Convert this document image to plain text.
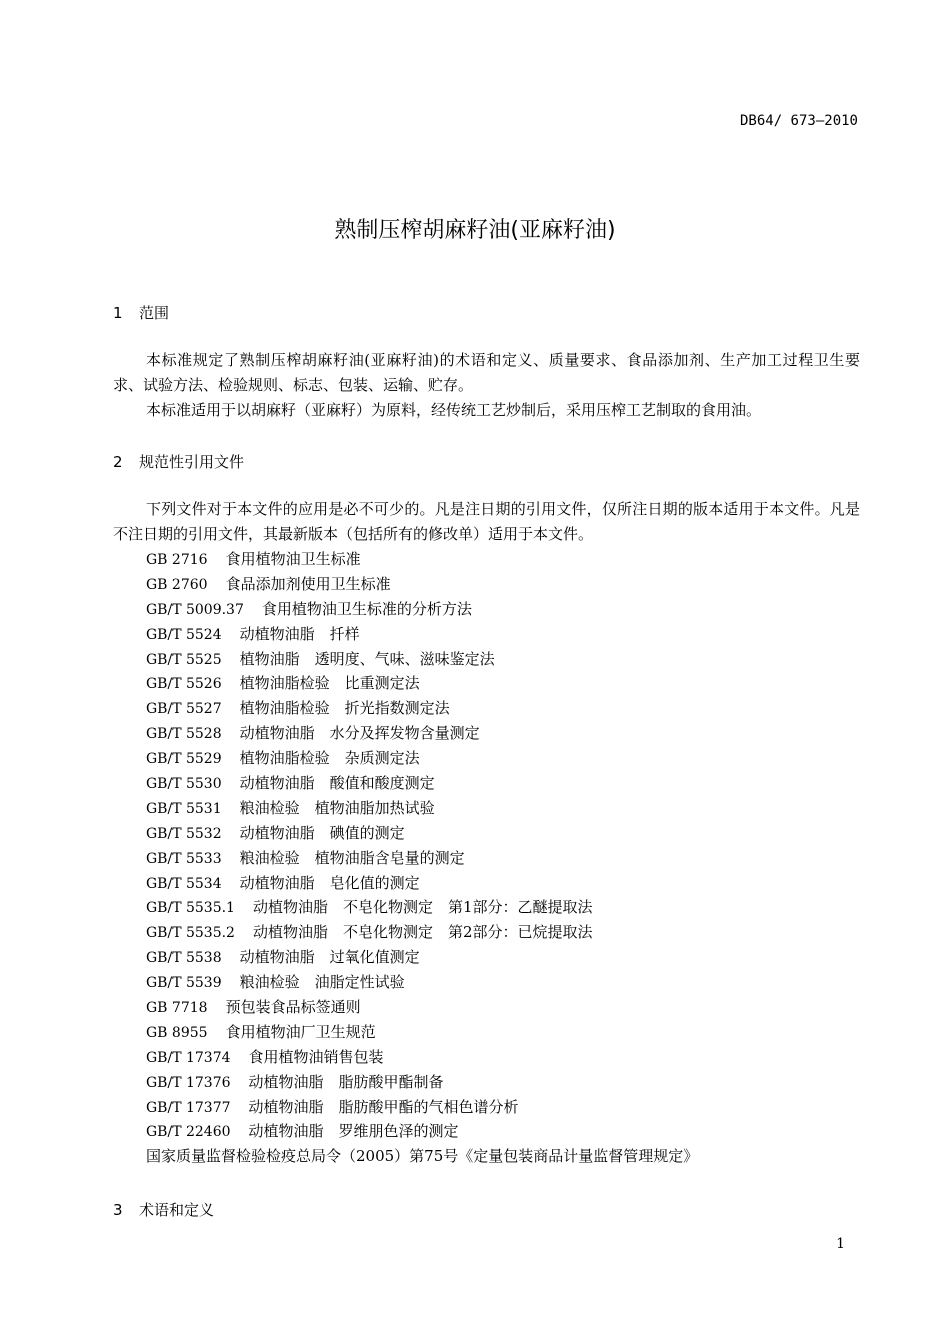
DB64/ 673—2010
熟制压榨胡麻籽油(亚麻籽油)
1 范围

本标准规定了熟制压榨胡麻籽油(亚麻籽油)的术语和定义、质量要求、食品添加剂、生产加工过程卫生要求、试验方法、检验规则、标志、包装、运输、贮存。

本标准适用于以胡麻籽（亚麻籽）为原料，经传统工艺炒制后，采用压榨工艺制取的食用油。

2 规范性引用文件

下列文件对于本文件的应用是必不可少的。凡是注日期的引用文件，仅所注日期的版本适用于本文件。凡是不注日期的引用文件，其最新版本（包括所有的修改单）适用于本文件。

GB 2716 食用植物油卫生标准
GB 2760 食品添加剂使用卫生标准
GB/T 5009.37 食用植物油卫生标准的分析方法
GB/T 5524 动植物油脂　扦样
GB/T 5525 植物油脂　透明度、气味、滋味鉴定法
GB/T 5526 植物油脂检验　比重测定法
GB/T 5527 植物油脂检验　折光指数测定法
GB/T 5528 动植物油脂　水分及挥发物含量测定
GB/T 5529 植物油脂检验　杂质测定法
GB/T 5530 动植物油脂　酸值和酸度测定
GB/T 5531 粮油检验　植物油脂加热试验
GB/T 5532 动植物油脂　碘值的测定
GB/T 5533 粮油检验　植物油脂含皂量的测定
GB/T 5534 动植物油脂　皂化值的测定
GB/T 5535.1 动植物油脂　不皂化物测定　第1部分：乙醚提取法
GB/T 5535.2 动植物油脂　不皂化物测定　第2部分：已烷提取法
GB/T 5538 动植物油脂　过氧化值测定
GB/T 5539 粮油检验　油脂定性试验
GB 7718 预包装食品标签通则
GB 8955 食用植物油厂卫生规范
GB/T 17374 食用植物油销售包装
GB/T 17376 动植物油脂　脂肪酸甲酯制备
GB/T 17377 动植物油脂　脂肪酸甲酯的气相色谱分析
GB/T 22460 动植物油脂　罗维朋色泽的测定
国家质量监督检验检疫总局令（2005）第75号《定量包装商品计量监督管理规定》
3 术语和定义
1
